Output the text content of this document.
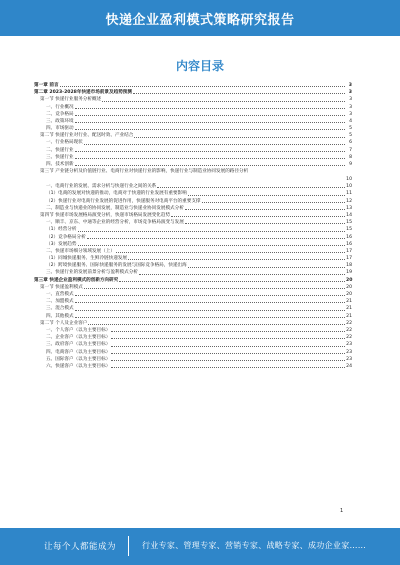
快递企业盈利模式策略研究报告
内容目录
第一章 前言	3
第二章 2023-2028年快递市场前景及趋势预测	3
第一节 快递行业服务分析概述	3
一、行业概况	3
二、竞争格局	3
三、政策环境	4
四、市场驱动	5
第二节 快递行业对行业、配送时效、产业结合	5
一、行业格局现状	6
二、快递行业	7
三、快递行业	8
四、技术创新	9
第三节 产业链分析及价值链行业、电商行业对快递行业的影响，快递行业与制造业协同发展的路径分析
10
一、电商行业的发展、需求分析与快递行业之间的关系	10
（1）电商的发展对快递的推动，电商对于快递的行业发展有重要影响	11
（2）快递行业对电商行业发展的促进作用，快递服务对电商平台的重要支撑	12
二、制造业与快递业的协同发展，制造业与快递业协同发展模式分析	13
第四节 快递市场发展格局演变分析，快递市场格局发展变化趋势	14
一、顺丰、京东、中通等企业的经营分析，市场竞争格局演变与发展	15
（1）经营分析	15
（2）竞争格局分析	16
（3）发展趋势	16
二、快递市场细分领域发展（上）	17
（1）同城快递服务、生鲜冷链快递发展	17
（2）跨境快递服务、国际快递服务的发展与国际竞争格局，快递出海	18
三、快递行业的发展前景分析与盈利模式分析	19
第三章 快递企业盈利模式的创新方向研究	20
第一节 快递盈利模式	20
一、直营模式	20
二、加盟模式	21
三、混合模式	21
四、其他模式	21
第二节 个人及企业客户	22
一、个人客户（以为主要目标）	22
二、企业客户（以为主要目标）	22
三、政府客户（以为主要目标）	23
四、电商客户（以为主要目标）	23
五、国际客户（以为主要目标）	23
六、快递客户（以为主要目标）	24
1
让每个人都能成为	行业专家、管理专家、营销专家、战略专家、成功企业家……
